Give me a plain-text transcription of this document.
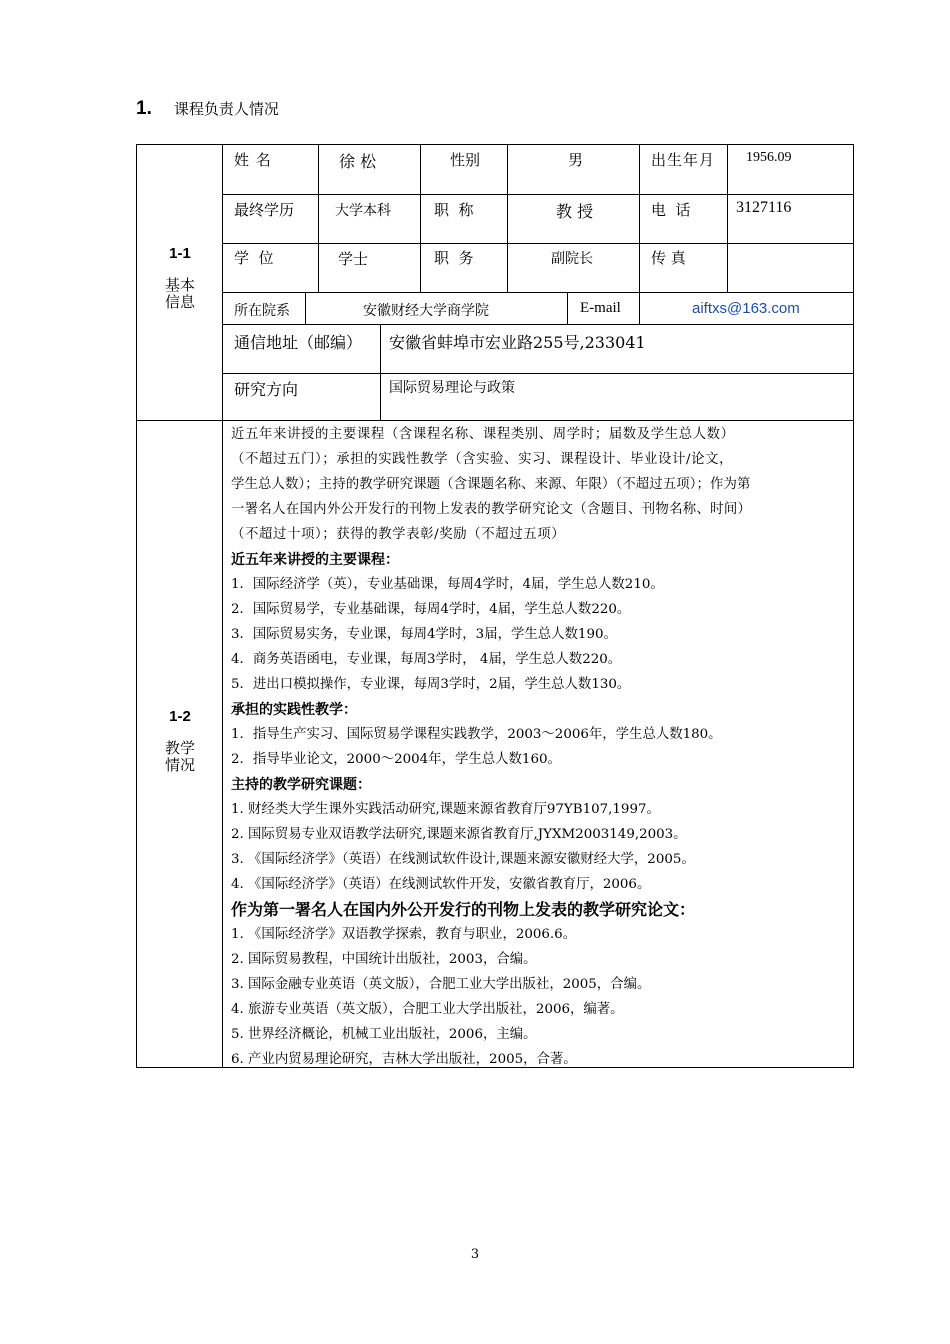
1. 课程负责人情况
1-1
基本
信息
姓 名	徐 松	性别	男	出生年月 1956.09
最终学历	大学本科	职  称	教 授	电  话	3127116
学  位	学士	职  务	副院长	传 真
所在院系	安徽财经大学商学院	E-mail	aiftxs@163.com
通信地址（邮编） 安徽省蚌埠市宏业路255号,233041
研究方向	国际贸易理论与政策
1-2
教学
情况
近五年来讲授的主要课程（含课程名称、课程类别、周学时；届数及学生总人数）
（不超过五门）；承担的实践性教学（含实验、实习、课程设计、毕业设计/论文，
学生总人数）；主持的教学研究课题（含课题名称、来源、年限）（不超过五项）；作为第
一署名人在国内外公开发行的刊物上发表的教学研究论文（含题目、刊物名称、时间）
（不超过十项）；获得的教学表彰/奖励（不超过五项）
近五年来讲授的主要课程：
1．国际经济学（英），专业基础课，每周4学时，4届，学生总人数210。
2．国际贸易学，专业基础课，每周4学时，4届，学生总人数220。
3．国际贸易实务，专业课，每周4学时，3届，学生总人数190。
4．商务英语函电，专业课，每周3学时， 4届，学生总人数220。
5．进出口模拟操作，专业课，每周3学时，2届，学生总人数130。
承担的实践性教学：
1．指导生产实习、国际贸易学课程实践教学，2003～2006年，学生总人数180。
2．指导毕业论文，2000～2004年，学生总人数160。
主持的教学研究课题：
1. 财经类大学生课外实践活动研究,课题来源省教育厅97YB107,1997。
2. 国际贸易专业双语教学法研究,课题来源省教育厅,JYXM2003149,2003。
3. 《国际经济学》（英语）在线测试软件设计,课题来源安徽财经大学，2005。
4. 《国际经济学》（英语）在线测试软件开发，安徽省教育厅，2006。
作为第一署名人在国内外公开发行的刊物上发表的教学研究论文：
1. 《国际经济学》双语教学探索，教育与职业，2006.6。
2. 国际贸易教程，中国统计出版社，2003，合编。
3. 国际金融专业英语（英文版），合肥工业大学出版社，2005，合编。
4. 旅游专业英语（英文版），合肥工业大学出版社，2006，编著。
5. 世界经济概论，机械工业出版社，2006，主编。
6. 产业内贸易理论研究，吉林大学出版社，2005，合著。
3
